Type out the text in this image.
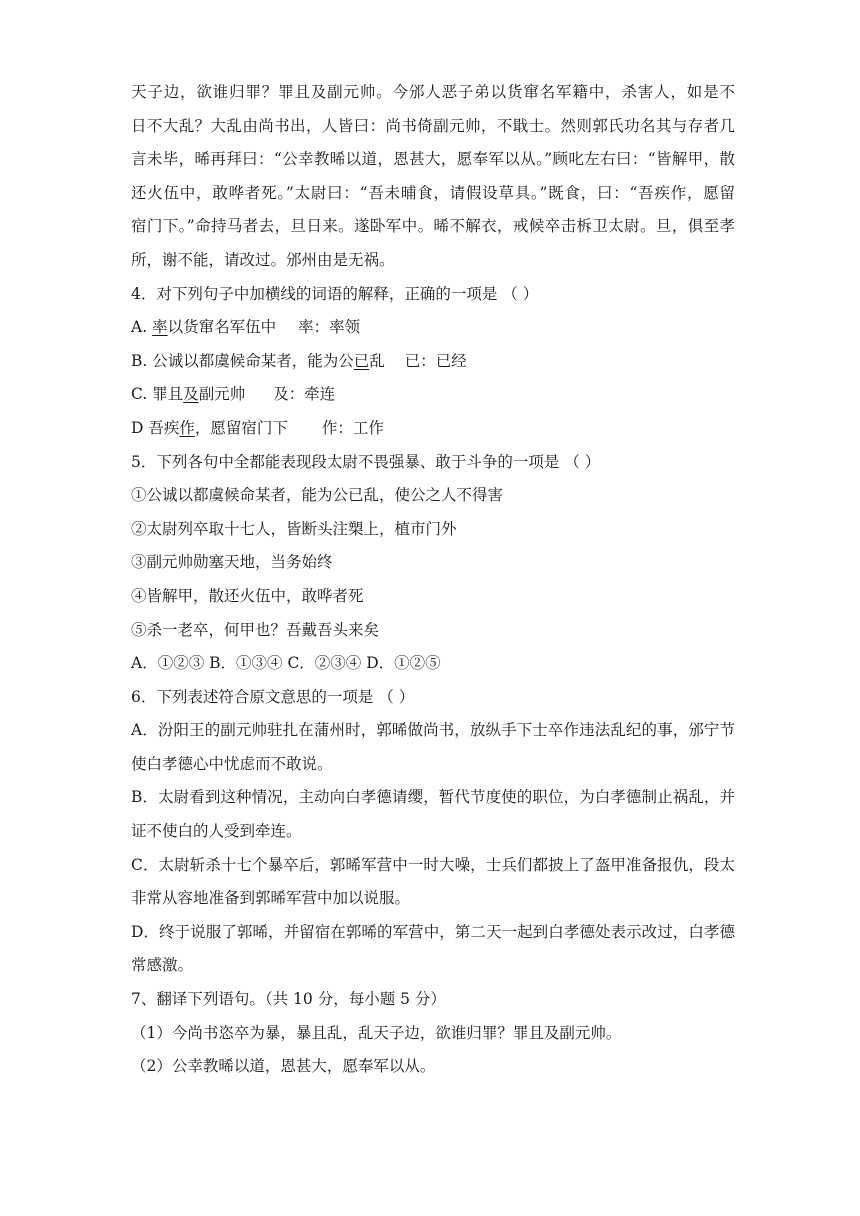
天子边，欲谁归罪？罪且及副元帅。今邠人恶子弟以货窜名军籍中，杀害人，如是不
日不大乱？大乱由尚书出，人皆曰：尚书倚副元帅，不戢士。然则郭氏功名其与存者几
言未毕，晞再拜曰：“公幸教晞以道，恩甚大，愿奉军以从。”顾叱左右曰：“皆解甲，散
还火伍中，敢哗者死。”太尉曰：“吾未晡食，请假设草具。”既食，曰：“吾疾作，愿留
宿门下。”命持马者去，旦日来。遂卧军中。晞不解衣，戒候卒击柝卫太尉。旦，俱至孝
所，谢不能，请改过。邠州由是无祸。
4．对下列句子中加横线的词语的解释，正确的一项是 （ ）
A. 率以货窜名军伍中 率：率领
B. 公诚以都虞候命某者，能为公已乱 已：已经
C. 罪且及副元帅 及：牵连
D 吾疾作，愿留宿门下 作：工作
5．下列各句中全都能表现段太尉不畏强暴、敢于斗争的一项是 （ ）
①公诚以都虞候命某者，能为公已乱，使公之人不得害
②太尉列卒取十七人，皆断头注槊上，植市门外
③副元帅勋塞天地，当务始终
④皆解甲，散还火伍中，敢哗者死
⑤杀一老卒，何甲也？吾戴吾头来矣
A．①②③ B．①③④ C．②③④ D．①②⑤
6．下列表述符合原文意思的一项是 （ ）
A．汾阳王的副元帅驻扎在蒲州时，郭晞做尚书，放纵手下士卒作违法乱纪的事，邠宁节
使白孝德心中忧虑而不敢说。
B．太尉看到这种情况，主动向白孝德请缨，暂代节度使的职位，为白孝德制止祸乱，并
证不使白的人受到牵连。
C．太尉斩杀十七个暴卒后，郭晞军营中一时大噪，士兵们都披上了盔甲准备报仇，段太
非常从容地准备到郭晞军营中加以说服。
D．终于说服了郭晞，并留宿在郭晞的军营中，第二天一起到白孝德处表示改过，白孝德
常感激。
7、翻译下列语句。（共 10 分，每小题 5 分）
（1）今尚书恣卒为暴，暴且乱，乱天子边，欲谁归罪？罪且及副元帅。
（2）公幸教晞以道，恩甚大，愿奉军以从。
